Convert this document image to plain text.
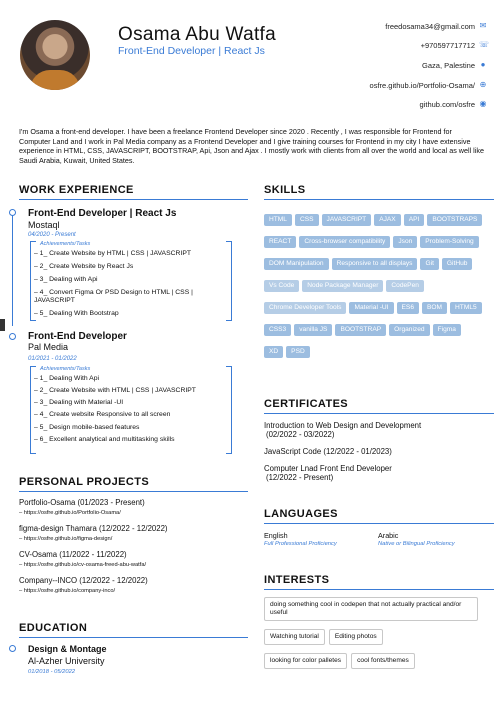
Osama Abu Watfa
Front-End Developer | React Js
freedosama34@gmail.com ✉
+970597717712 ☏
Gaza, Palestine ●
osfre.github.io/Portfolio-Osama/ ⊕
github.com/osfre ◉
I'm Osama a front-end developer. I have been a freelance Frontend Developer since 2020 . Recently , I was responsible for Frontend for Computer Land and I work in Pal Media company as a Frontend Developer and I give training courses for Frontend in my city I have extensive experience in HTML, CSS, JAVASCRIPT, BOOTSTRAP, Api, Json and Ajax . I mostly work with clients from all over the world and local as well like Saudi Arabia, Kuwait, United States.
WORK EXPERIENCE
Front-End Developer | React Js
Mostaql
04/2020 - Present
Achievements/Tasks
– 1_ Create Website by HTML | CSS | JAVASCRIPT
– 2_ Create Website by React Js
– 3_ Dealing with Api
– 4_ Convert Figma Or PSD Design to HTML | CSS | JAVASCRIPT
– 5_ Dealing With Bootstrap
Front-End Developer
Pal Media
01/2021 - 01/2022
Achievements/Tasks
– 1_ Dealing With Api
– 2_ Create Website with HTML | CSS | JAVASCRIPT
– 3_ Dealing with Material -UI
– 4_ Create website Responsive to all screen
– 5_ Design mobile-based features
– 6_ Excellent analytical and multitasking skills
PERSONAL PROJECTS
Portfolio-Osama (01/2023 - Present)
– https://osfre.github.io/Portfolio-Osama/
figma-design Thamara (12/2022 - 12/2022)
– https://osfre.github.io/figma-design/
CV-Osama (11/2022 - 11/2022)
– https://osfre.github.io/cv-osama-freed-abu-watfa/
Company--INCO (12/2022 - 12/2022)
– https://osfre.github.io/company-inco/
EDUCATION
Design & Montage
Al-Azher University
01/2018 - 05/2022
SKILLS
HTML CSS JAVASCRIPT AJAX API BOOTSTRAPSREACT Cross-browser compatibility Json Problem-SolvingDOM Manipulation Responsive to all displays Git GitHubVs Code Node Package Manager CodePenChrome Developer Tools Material -UI ES6 BOM HTML5CSS3 vanilla JS BOOTSTRAP Organized FigmaXD PSD
CERTIFICATES
Introduction to Web Design and Development
(02/2022 - 03/2022)
JavaScript Code (12/2022 - 01/2023)
Computer Lnad Front End Developer
(12/2022 - Present)
LANGUAGES
English
Full Professional Proficiency
Arabic
Native or Bilingual Proficiency
INTERESTS
doing something cool in codepen that not actually practical and/or useful
Watching tutorial Editing photos
looking for color palletes cool fonts/themes
